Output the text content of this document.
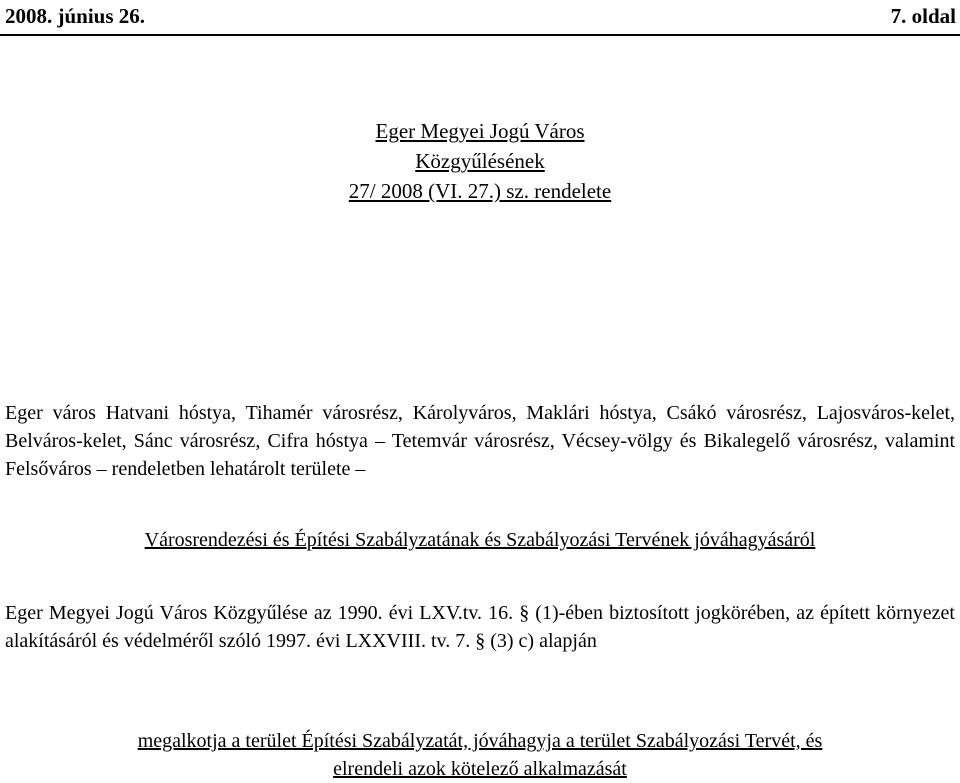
2008. június 26.	7. oldal
Eger Megyei Jogú Város
Közgyűlésének
27/ 2008 (VI. 27.) sz. rendelete
Eger város Hatvani hóstya, Tihamér városrész, Károlyváros, Maklári hóstya, Csákó városrész, Lajosváros-kelet, Belváros-kelet, Sánc városrész, Cifra hóstya – Tetemvár városrész, Vécsey-völgy és Bikalegelő városrész, valamint Felsőváros – rendeletben lehatárolt területe –
Városrendezési és Építési Szabályzatának és Szabályozási Tervének jóváhagyásáról
Eger Megyei Jogú Város Közgyűlése az 1990. évi LXV.tv. 16. § (1)-ében biztosított jogkörében, az épített környezet alakításáról és védelméről szóló 1997. évi LXXVIII. tv. 7. § (3) c) alapján
megalkotja a terület Építési Szabályzatát, jóváhagyja a terület Szabályozási Tervét, és
elrendeli azok kötelező alkalmazását
